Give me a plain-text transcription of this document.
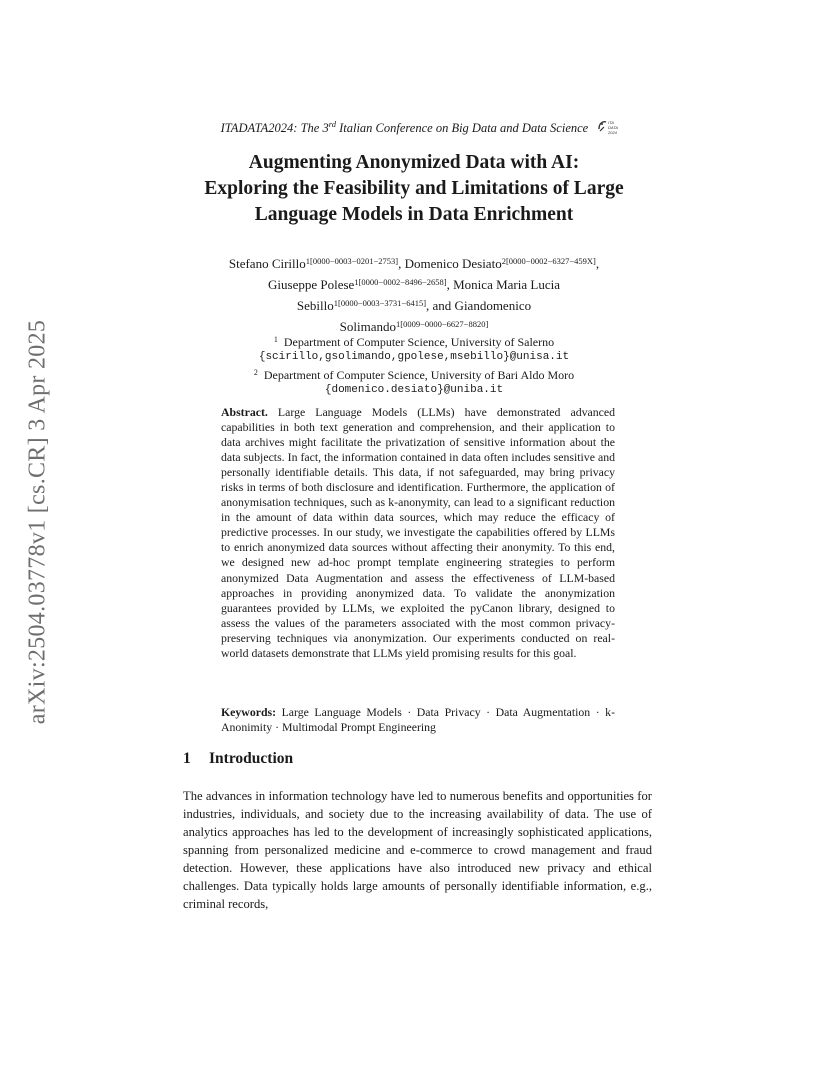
arXiv:2504.03778v1 [cs.CR] 3 Apr 2025
ITADATA2024: The 3rd Italian Conference on Big Data and Data Science	ITA
DATA
2024
Augmenting Anonymized Data with AI:
Exploring the Feasibility and Limitations of Large
Language Models in Data Enrichment
Stefano Cirillo$^{1[0000-0003-0201-2753]}$, Domenico Desiato$^{2[0000-0002-6327-459X]}$,
Giuseppe Polese$^{1[0000-0002-8496-2658]}$, Monica Maria Lucia
Sebillo$^{1[0000-0003-3731-6415]}$, and Giandomenico
Solimando$^{1[0009-0000-6627-8820]}$
$^1$ Department of Computer Science, University of Salerno
{scirillo,gsolimando,gpolese,msebillo}@unisa.it
$^2$ Department of Computer Science, University of Bari Aldo Moro
{domenico.desiato}@uniba.it
Abstract. Large Language Models (LLMs) have demonstrated advanced capabilities in both text generation and comprehension, and their application to data archives might facilitate the privatization of sensitive information about the data subjects. In fact, the information contained in data often includes sensitive and personally identifiable details. This data, if not safeguarded, may bring privacy risks in terms of both disclosure and identification. Furthermore, the application of anonymisation techniques, such as k-anonymity, can lead to a significant reduction in the amount of data within data sources, which may reduce the efficacy of predictive processes. In our study, we investigate the capabilities offered by LLMs to enrich anonymized data sources without affecting their anonymity. To this end, we designed new ad-hoc prompt template engineering strategies to perform anonymized Data Augmentation and assess the effectiveness of LLM-based approaches in providing anonymized data. To validate the anonymization guarantees provided by LLMs, we exploited the pyCanon library, designed to assess the values of the parameters associated with the most common privacy-preserving techniques via anonymization. Our experiments conducted on real-world datasets demonstrate that LLMs yield promising results for this goal.
Keywords: Large Language Models · Data Privacy · Data Augmentation · k-Anonimity · Multimodal Prompt Engineering
1 Introduction
The advances in information technology have led to numerous benefits and opportunities for industries, individuals, and society due to the increasing availability of data. The use of analytics approaches has led to the development of increasingly sophisticated applications, spanning from personalized medicine and e-commerce to crowd management and fraud detection. However, these applications have also introduced new privacy and ethical challenges. Data typically holds large amounts of personally identifiable information, e.g., criminal records,
